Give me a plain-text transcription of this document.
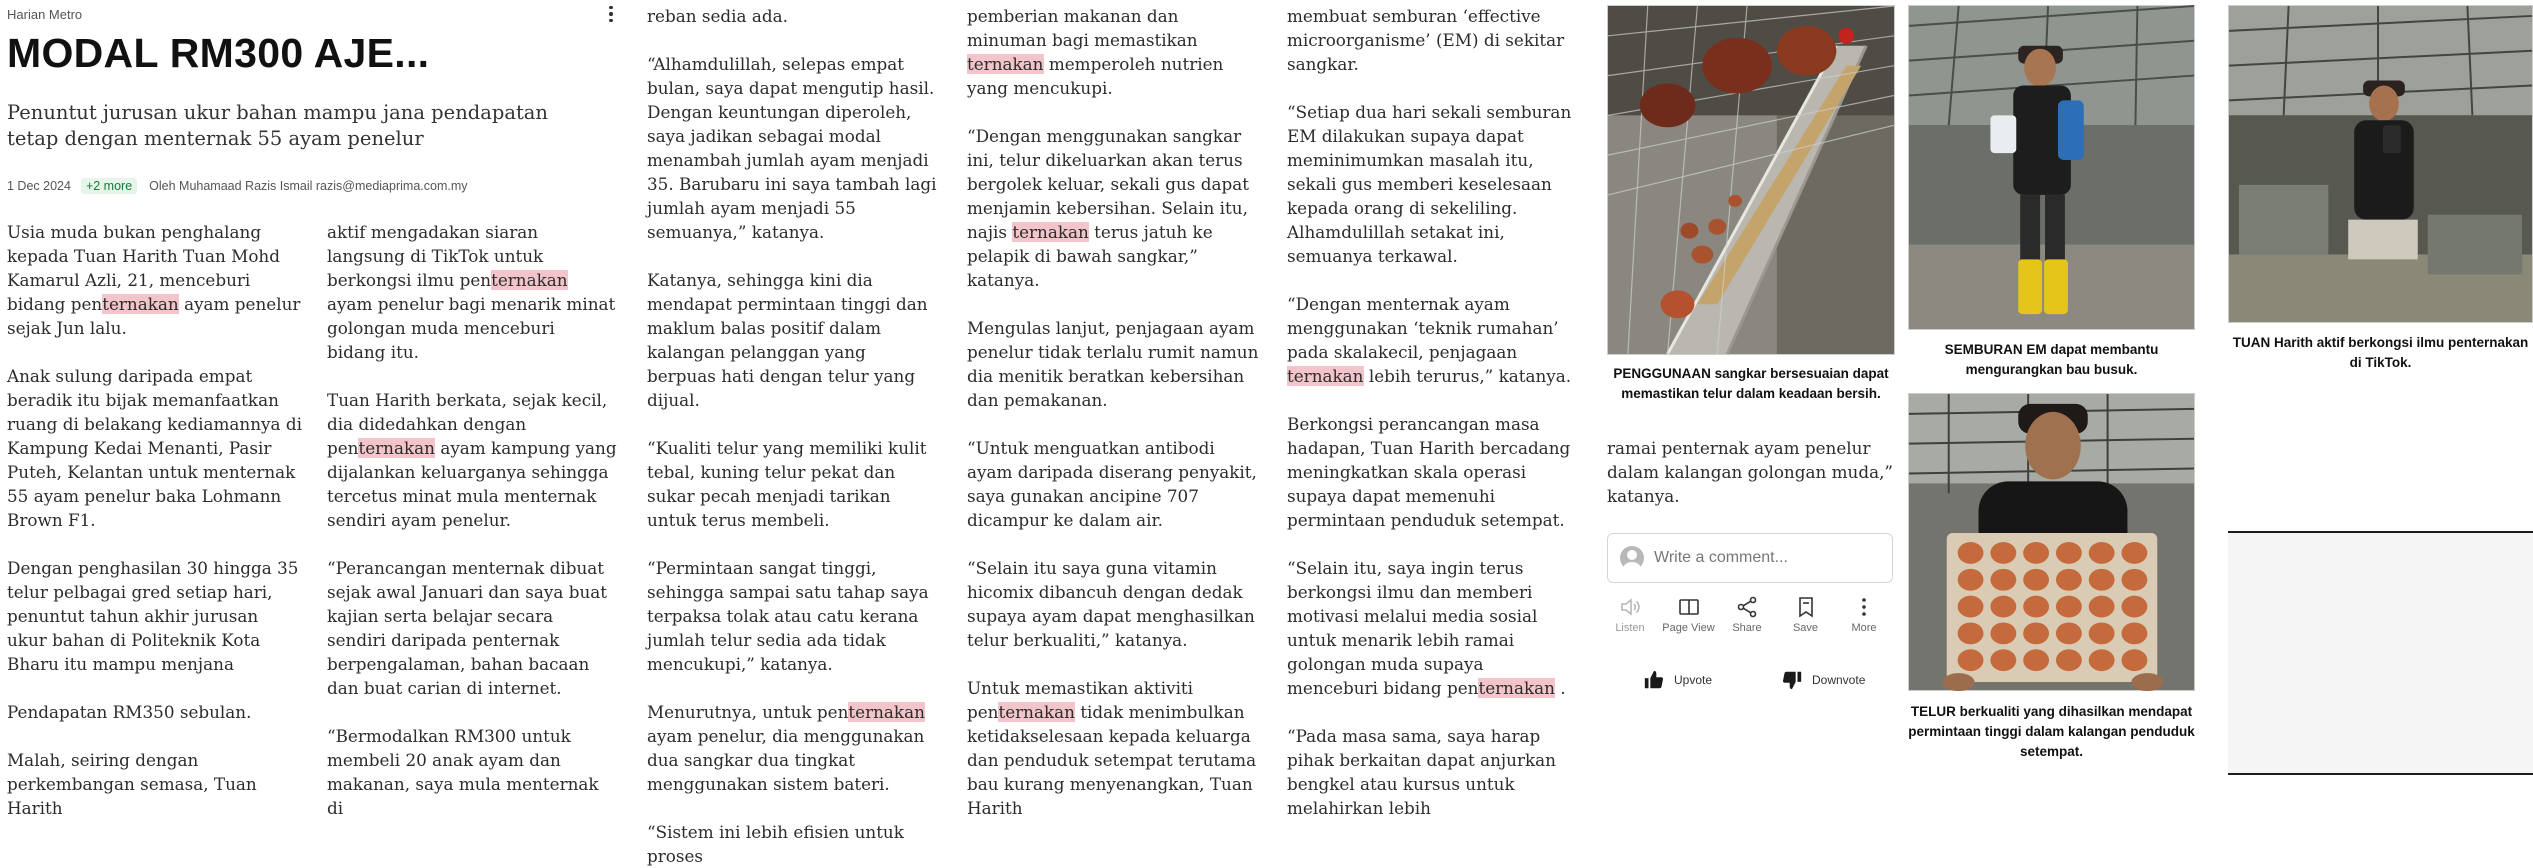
Harian Metro
MODAL RM300 AJE...
Penuntut jurusan ukur bahan mampu jana pendapatan tetap dengan menternak 55 ayam penelur
1 Dec 2024	+2 more	Oleh Muhamaad Razis Ismail razis@mediaprima.com.my

Usia muda bukan penghalang kepada Tuan Harith Tuan Mohd Kamarul Azli, 21, menceburi bidang penternakan ayam penelur sejak Jun lalu.

Anak sulung daripada empat beradik itu bijak memanfaatkan ruang di belakang kediamannya di Kampung Kedai Menanti, Pasir Puteh, Kelantan untuk menternak 55 ayam penelur baka Lohmann Brown F1.

Dengan penghasilan 30 hingga 35 telur pelbagai gred setiap hari, penuntut tahun akhir jurusan ukur bahan di Politeknik Kota Bharu itu mampu menjana

Pendapatan RM350 sebulan.

Malah, seiring dengan perkembangan semasa, Tuan Harith

aktif mengadakan siaran langsung di TikTok untuk berkongsi ilmu penternakan ayam penelur bagi menarik minat golongan muda menceburi bidang itu.

Tuan Harith berkata, sejak kecil, dia didedahkan dengan penternakan ayam kampung yang dijalankan keluarganya sehingga tercetus minat mula menternak sendiri ayam penelur.

“Perancangan menternak dibuat sejak awal Januari dan saya buat kajian serta belajar secara sendiri daripada penternak berpengalaman, bahan bacaan dan buat carian di internet.

“Bermodalkan RM300 untuk membeli 20 anak ayam dan makanan, saya mula menternak di

reban sedia ada.

“Alhamdulillah, selepas empat bulan, saya dapat mengutip hasil. Dengan keuntungan diperoleh, saya jadikan sebagai modal menambah jumlah ayam menjadi 35. Barubaru ini saya tambah lagi jumlah ayam menjadi 55 semuanya,” katanya.

Katanya, sehingga kini dia mendapat permintaan tinggi dan maklum balas positif dalam kalangan pelanggan yang berpuas hati dengan telur yang dijual.

“Kualiti telur yang memiliki kulit tebal, kuning telur pekat dan sukar pecah menjadi tarikan untuk terus membeli.

“Permintaan sangat tinggi, sehingga sampai satu tahap saya terpaksa tolak atau catu kerana jumlah telur sedia ada tidak mencukupi,” katanya.

Menurutnya, untuk penternakan ayam penelur, dia menggunakan dua sangkar dua tingkat menggunakan sistem bateri.

“Sistem ini lebih efisien untuk proses

pemberian makanan dan minuman bagi memastikan ternakan memperoleh nutrien yang mencukupi.

“Dengan menggunakan sangkar ini, telur dikeluarkan akan terus bergolek keluar, sekali gus dapat menjamin kebersihan. Selain itu, najis ternakan terus jatuh ke pelapik di bawah sangkar,” katanya.

Mengulas lanjut, penjagaan ayam penelur tidak terlalu rumit namun dia menitik beratkan kebersihan dan pemakanan.

“Untuk menguatkan antibodi ayam daripada diserang penyakit, saya gunakan ancipine 707 dicampur ke dalam air.

“Selain itu saya guna vitamin hicomix dibancuh dengan dedak supaya ayam dapat menghasilkan telur berkualiti,” katanya.

Untuk memastikan aktiviti penternakan tidak menimbulkan ketidakselesaan kepada keluarga dan penduduk setempat terutama bau kurang menyenangkan, Tuan Harith

membuat semburan ‘effective microorganisme’ (EM) di sekitar sangkar.

“Setiap dua hari sekali semburan EM dilakukan supaya dapat meminimumkan masalah itu, sekali gus memberi keselesaan kepada orang di sekeliling. Alhamdulillah setakat ini, semuanya terkawal.

“Dengan menternak ayam menggunakan ‘teknik rumahan’ pada skalakecil, penjagaan ternakan lebih terurus,” katanya.

Berkongsi perancangan masa hadapan, Tuan Harith bercadang meningkatkan skala operasi supaya dapat memenuhi permintaan penduduk setempat.

“Selain itu, saya ingin terus berkongsi ilmu dan memberi motivasi melalui media sosial untuk menarik lebih ramai golongan muda supaya menceburi bidang penternakan .

“Pada masa sama, saya harap pihak berkaitan dapat anjurkan bengkel atau kursus untuk melahirkan lebih

ramai penternak ayam penelur dalam kalangan golongan muda,” katanya.

PENGGUNAAN sangkar bersesuaian dapat memastikan telur dalam keadaan bersih.
SEMBURAN EM dapat membantu mengurangkan bau busuk.
TELUR berkualiti yang dihasilkan mendapat permintaan tinggi dalam kalangan penduduk setempat.
TUAN Harith aktif berkongsi ilmu penternakan di TikTok.
Write a comment...
Listen Page View Share	Save	More
Upvote	Downvote
